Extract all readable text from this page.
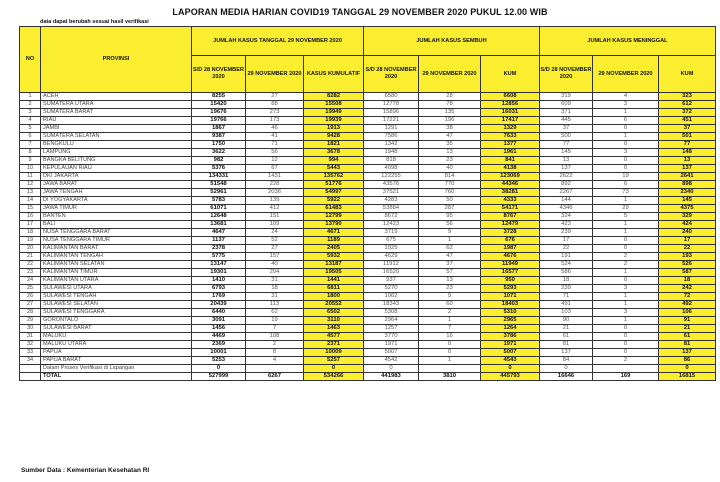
LAPORAN MEDIA HARIAN COVID19 TANGGAL 29 NOVEMBER 2020 PUKUL 12.00 WIB
data dapat berubah sesuai hasil verifikasi
NO	PROVINSI	JUMLAH KASUS TANGGAL 29 NOVEMBER 2020			JUMLAH KASUS SEMBUH			JUMLAH KASUS MENINGGAL		
		S/D 28 NOVEMBER 2020	29 NOVEMBER 2020	KASUS KUMULATIF	S/D 28 NOVEMBER 2020	29 NOVEMBER 2020	KUM	S/D 28 NOVEMBER 2020	29 NOVEMBER 2020	KUM
1	ACEH	8255	27	8282	6580	28	6608	319	4	323
2	SUMATERA UTARA	15420	88	15508	12778	78	12856	609	3	612
3	SUMATERA BARAT	19676	273	19949	15896	135	16031	371	1	372
4	RIAU	19766	173	19939	17221	196	17417	445	6	451
5	JAMBI	1867	46	1913	1291	38	1329	37	0	37
6	SUMATERA SELATAN	9387	41	9428	7586	47	7633	500	1	501
7	BENGKULU	1750	71	1821	1342	35	1377	77	0	77
8	LAMPUNG	3622	56	3678	1948	13	1961	145	3	148
9	BANGKA BELITUNG	982	12	994	818	23	841	13	0	13
10	KEPULAUAN RIAU	5376	67	5443	4098	40	4138	137	0	137
11	DKI JAKARTA	134331	1431	135762	122255	814	123069	2622	19	2641
12	JAWA BARAT	51548	228	51776	43576	770	44346	892	6	898
13	JAWA TENGAH	52961	2036	54997	37521	760	38281	2267	73	2340
14	DI YOGYAKARTA	5783	139	5922	4283	50	4333	144	1	145
15	JAWA TIMUR	61071	412	61483	53884	287	54171	4346	29	4375
16	BANTEN	12648	151	12799	8672	95	8767	324	5	329
17	BALI	13681	109	13790	12423	56	12479	423	1	424
18	NUSA TENGGARA BARAT	4647	24	4671	3719	9	3728	239	1	240
19	NUSA TENGGARA TIMUR	1137	52	1189	675	1	676	17	0	17
20	KALIMANTAN BARAT	2378	27	2405	1925	62	1987	22	0	22
21	KALIMANTAN TENGAH	5775	157	5932	4629	47	4676	191	2	193
22	KALIMANTAN SELATAN	13147	40	13187	11912	37	11949	524	2	526
23	KALIMANTAN TIMUR	19301	204	19505	16520	57	16577	586	1	587
24	KALIMANTAN UTARA	1410	31	1441	937	13	950	18	0	18
25	SULAWESI UTARA	6793	18	6811	5270	23	5293	239	3	242
26	SULAWESI TENGAH	1769	31	1800	1062	9	1071	71	1	72
27	SULAWESI SELATAN	20439	113	20552	18343	60	18403	491	1	492
28	SULAWESI TENGGARA	6440	62	6502	5308	2	5310	103	3	106
29	GORONTALO	3091	19	3110	2964	1	2965	90	1	91
30	SULAWESI BARAT	1456	7	1463	1257	7	1264	21	0	21
31	MALUKU	4469	108	4577	3770	16	3786	61	0	61
32	MALUKU UTARA	2369	2	2371	1971	0	1971	81	0	81
33	PAPUA	10001	8	10009	5007	0	5007	137	0	137
34	PAPUA BARAT	5253	4	5257	4542	1	4543	84	2	86
	Dalam Proses Verifikasi di Lapangan	0		0	0		0	0		0
	TOTAL	527999	6267	534266	441983	3810	445793	16646	169	16815
Sumber Data : Kementerian Kesehatan RI
